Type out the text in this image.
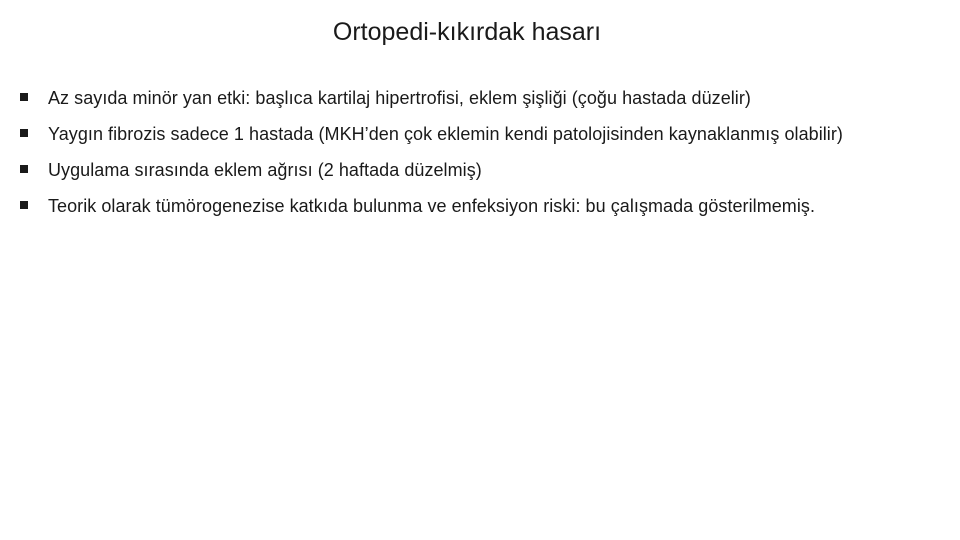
Ortopedi-kıkırdak hasarı
Az sayıda minör yan etki: başlıca kartilaj hipertrofisi, eklem şişliği (çoğu hastada düzelir)
Yaygın fibrozis sadece 1 hastada (MKH’den çok eklemin kendi patolojisinden kaynaklanmış olabilir)
Uygulama sırasında eklem ağrısı (2 haftada düzelmiş)
Teorik olarak tümörogenezise katkıda bulunma ve enfeksiyon riski: bu çalışmada gösterilmemiş.
